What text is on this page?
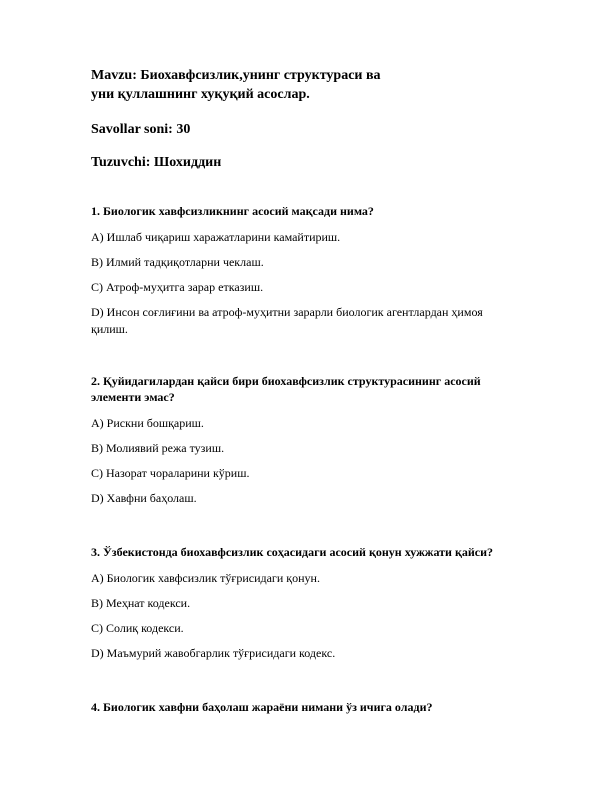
Mavzu: Биохавфсизлик,унинг структураси ва
уни қуллашнинг хуқуқий асослар.
Savollar soni: 30
Tuzuvchi: Шохиддин
1. Биологик хавфсизликнинг асосий мақсади нима?
A) Ишлаб чиқариш харажатларини камайтириш.
B) Илмий тадқиқотларни чеклаш.
C) Атроф-муҳитга зарар етказиш.
D) Инсон соғлиғини ва атроф-муҳитни зарарли биологик агентлардан ҳимоя қилиш.
2. Қуйидагилардан қайси бири биохавфсизлик структурасининг асосий элементи эмас?
A) Рискни бошқариш.
B) Молиявий режа тузиш.
C) Назорат чораларини кўриш.
D) Хавфни баҳолаш.
3. Ўзбекистонда биохавфсизлик соҳасидаги асосий қонун хужжати қайси?
A) Биологик хавфсизлик тўғрисидаги қонун.
B) Меҳнат кодекси.
C) Солиқ кодекси.
D) Маъмурий жавобгарлик тўғрисидаги кодекс.
4. Биологик хавфни баҳолаш жараёни нимани ўз ичига олади?
